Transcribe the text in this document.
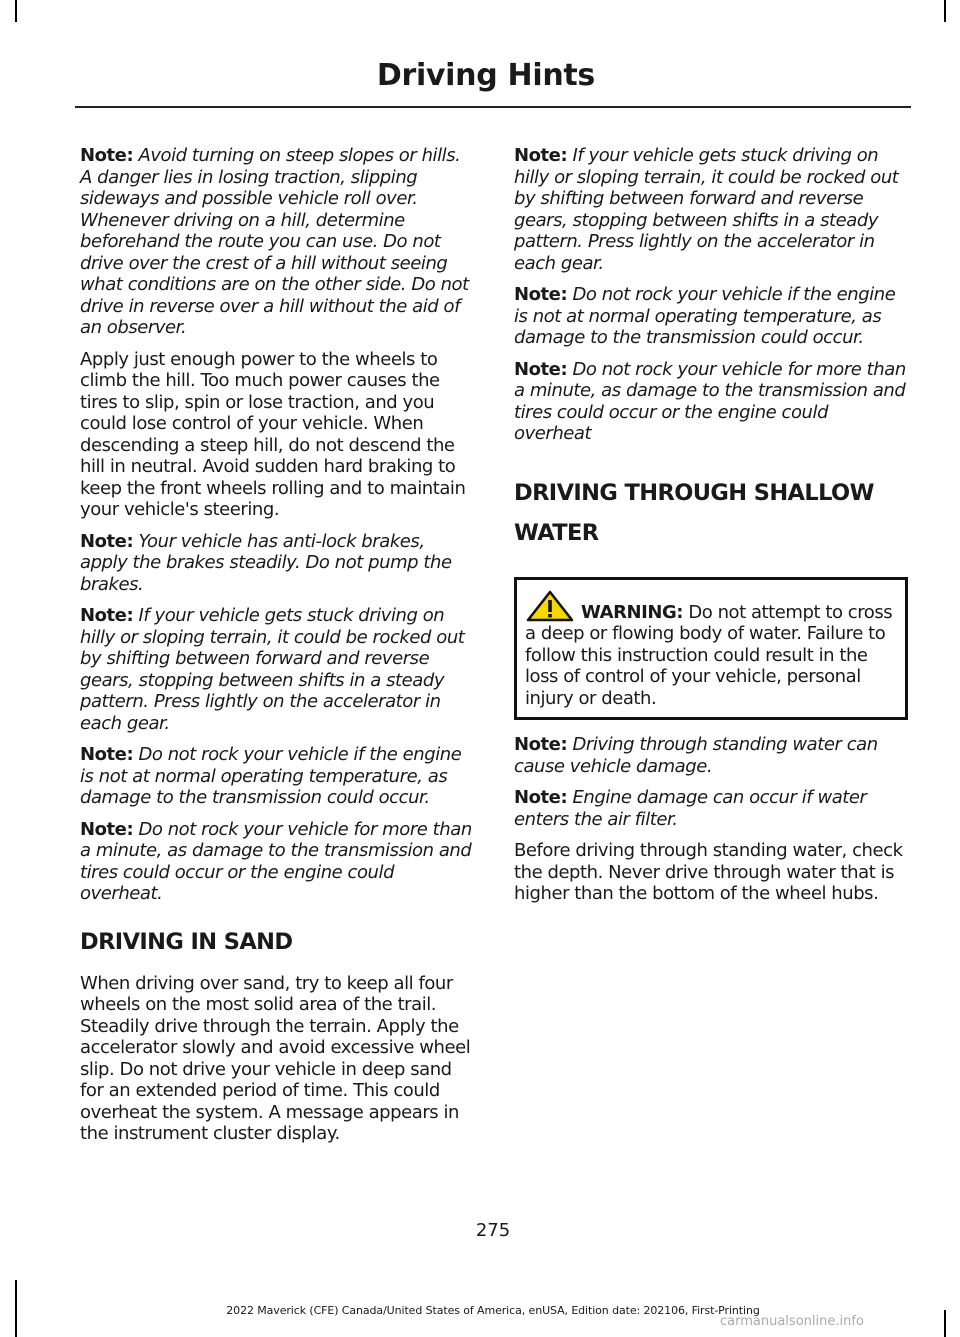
Driving Hints

Note: Avoid turning on steep slopes or hills. A danger lies in losing traction, slipping sideways and possible vehicle roll over. Whenever driving on a hill, determine beforehand the route you can use. Do not drive over the crest of a hill without seeing what conditions are on the other side. Do not drive in reverse over a hill without the aid of an observer.

Apply just enough power to the wheels to climb the hill. Too much power causes the tires to slip, spin or lose traction, and you could lose control of your vehicle. When descending a steep hill, do not descend the hill in neutral. Avoid sudden hard braking to keep the front wheels rolling and to maintain your vehicle's steering.

Note: Your vehicle has anti-lock brakes, apply the brakes steadily. Do not pump the brakes.

Note: If your vehicle gets stuck driving on hilly or sloping terrain, it could be rocked out by shifting between forward and reverse gears, stopping between shifts in a steady pattern. Press lightly on the accelerator in each gear.

Note: Do not rock your vehicle if the engine is not at normal operating temperature, as damage to the transmission could occur.

Note: Do not rock your vehicle for more than a minute, as damage to the transmission and tires could occur or the engine could overheat.

DRIVING IN SAND

When driving over sand, try to keep all four wheels on the most solid area of the trail. Steadily drive through the terrain. Apply the accelerator slowly and avoid excessive wheel slip. Do not drive your vehicle in deep sand for an extended period of time. This could overheat the system. A message appears in the instrument cluster display.

Note: If your vehicle gets stuck driving on hilly or sloping terrain, it could be rocked out by shifting between forward and reverse gears, stopping between shifts in a steady pattern. Press lightly on the accelerator in each gear.

Note: Do not rock your vehicle if the engine is not at normal operating temperature, as damage to the transmission could occur.

Note: Do not rock your vehicle for more than a minute, as damage to the transmission and tires could occur or the engine could overheat

DRIVING THROUGH SHALLOW
WATER
WARNING: Do not attempt to cross a deep or flowing body of water. Failure to follow this instruction could result in the loss of control of your vehicle, personal injury or death.

Note: Driving through standing water can cause vehicle damage.

Note: Engine damage can occur if water enters the air filter.

Before driving through standing water, check the depth. Never drive through water that is higher than the bottom of the wheel hubs.

275
2022 Maverick (CFE) Canada/United States of America, enUSA, Edition date: 202106, First-Printing
carmanualsonline.info
